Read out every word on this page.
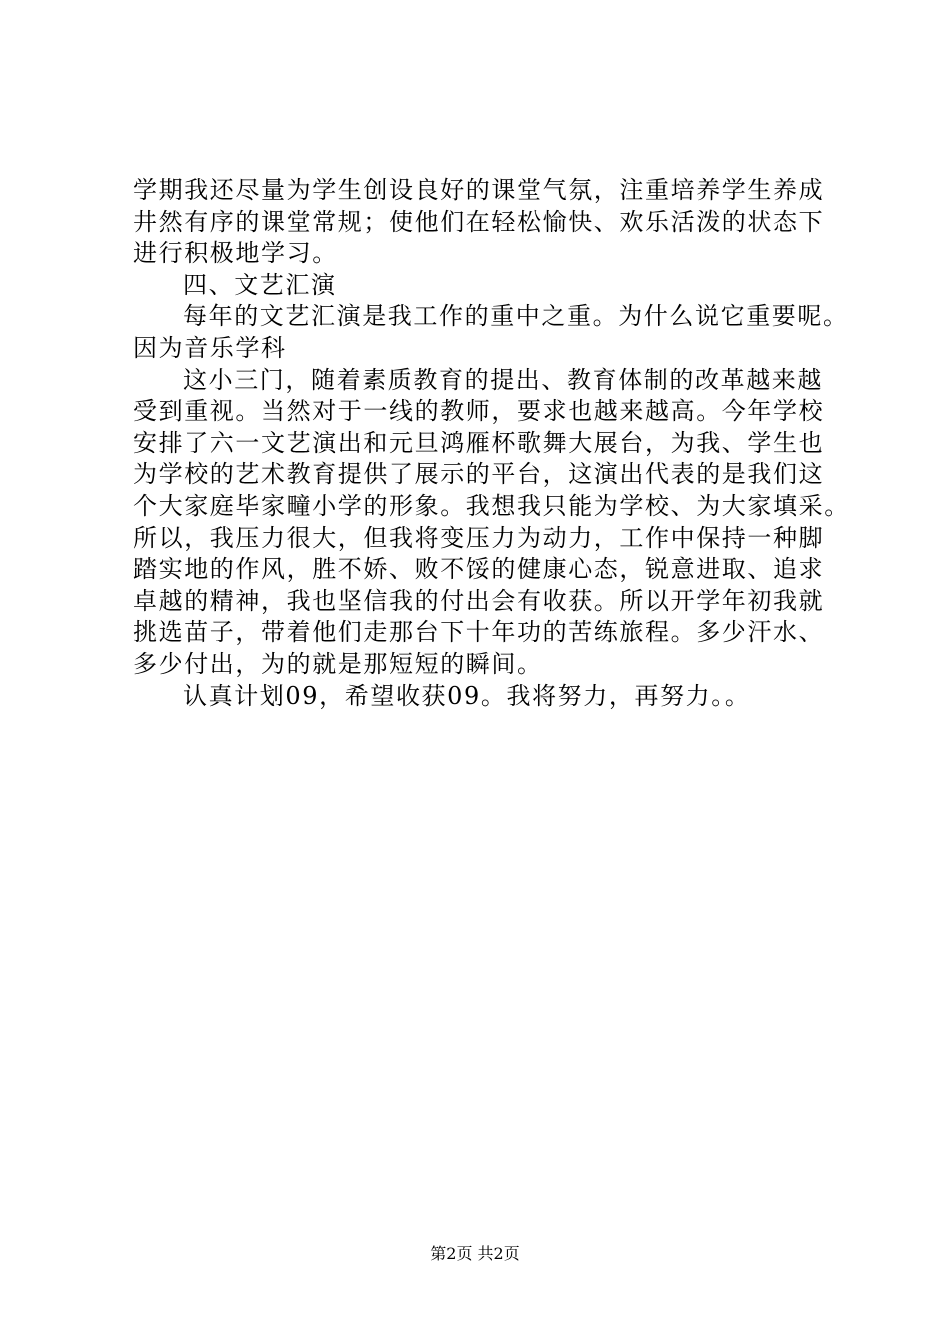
学期我还尽量为学生创设良好的课堂气氛，注重培养学生养成
井然有序的课堂常规；使他们在轻松愉快、欢乐活泼的状态下
进行积极地学习。
四、文艺汇演
每年的文艺汇演是我工作的重中之重。为什么说它重要呢。
因为音乐学科
这小三门，随着素质教育的提出、教育体制的改革越来越
受到重视。当然对于一线的教师，要求也越来越高。今年学校
安排了六一文艺演出和元旦鸿雁杯歌舞大展台，为我、学生也
为学校的艺术教育提供了展示的平台，这演出代表的是我们这
个大家庭毕家疃小学的形象。我想我只能为学校、为大家填采。
所以，我压力很大，但我将变压力为动力，工作中保持一种脚
踏实地的作风，胜不娇、败不馁的健康心态，锐意进取、追求
卓越的精神，我也坚信我的付出会有收获。所以开学年初我就
挑选苗子，带着他们走那台下十年功的苦练旅程。多少汗水、
多少付出，为的就是那短短的瞬间。
认真计划09，希望收获09。我将努力，再努力。。
第2页 共2页
